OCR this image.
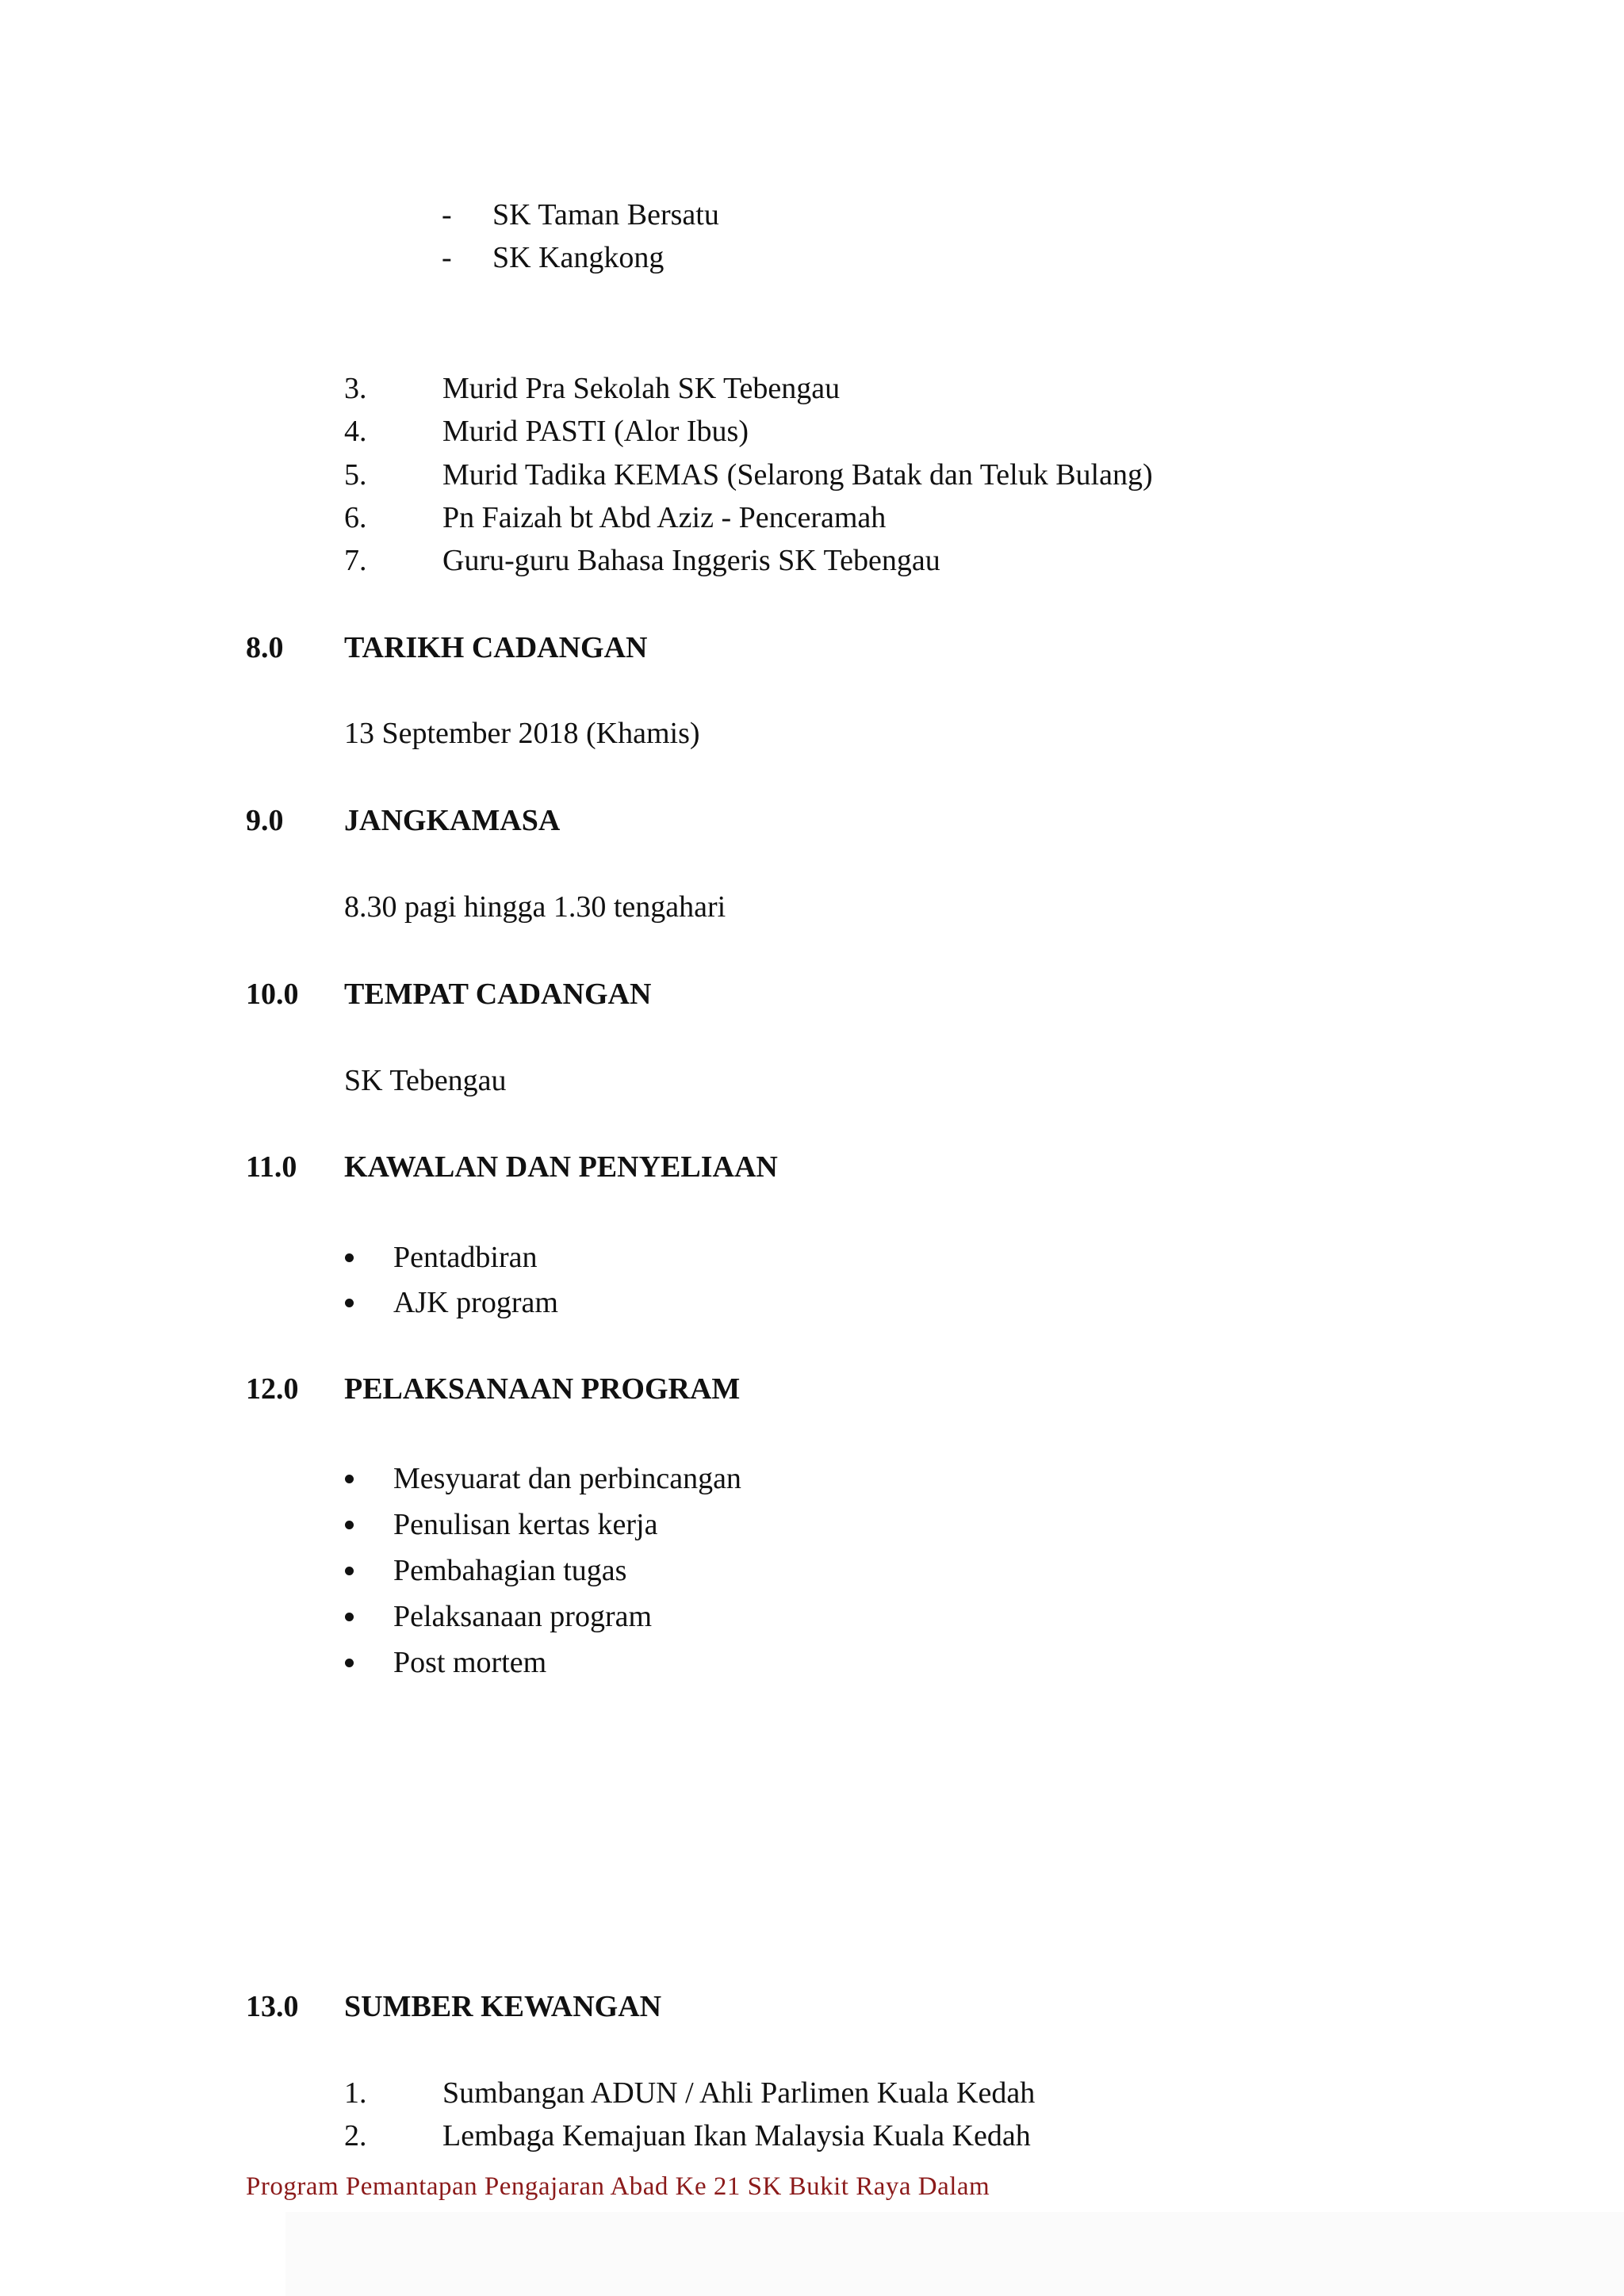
- SK Taman Bersatu
- SK Kangkong
3.	Murid Pra Sekolah SK Tebengau
4.	Murid PASTI (Alor Ibus)
5.	Murid Tadika KEMAS (Selarong Batak dan Teluk Bulang)
6.	Pn Faizah bt Abd Aziz - Penceramah
7.	Guru-guru Bahasa Inggeris SK Tebengau
8.0 TARIKH CADANGAN
13 September 2018 (Khamis)
9.0 JANGKAMASA
8.30 pagi hingga 1.30 tengahari
10.0 TEMPAT CADANGAN
SK Tebengau
11.0 KAWALAN DAN PENYELIAAN
Pentadbiran
AJK program
12.0 PELAKSANAAN PROGRAM
Mesyuarat dan perbincangan
Penulisan kertas kerja
Pembahagian tugas
Pelaksanaan program
Post mortem
13.0 SUMBER KEWANGAN
1.	Sumbangan ADUN / Ahli Parlimen Kuala Kedah
2.	Lembaga Kemajuan Ikan Malaysia Kuala Kedah
Program Pemantapan Pengajaran Abad Ke 21 SK Bukit Raya Dalam
